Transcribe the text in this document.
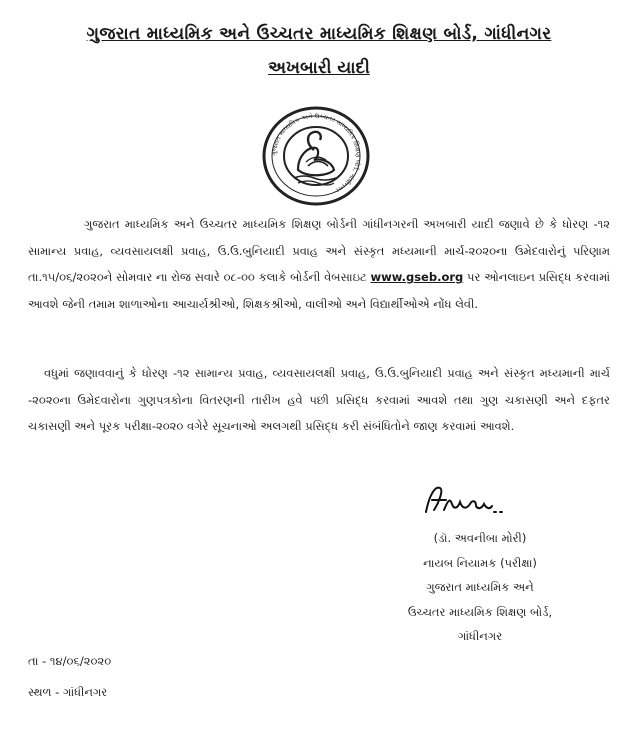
ગુજરાત માધ્યમિક અને ઉચ્ચતર માધ્યમિક શિક્ષણ બોર્ડ, ગાંધીનગર
અખબારી યાદી
ગુજરાત માધ્યમિક અને ઉચ્ચતર માધ્યમિક શિક્ષણ બોર્ડ, ગાંધીનગર
ગુજરાત માધ્યમિક અને ઉચ્ચતર માધ્યમિક શિક્ષણ બોર્ડની ગાંધીનગરની અખબારી યાદી જણાવે છે કે ધોરણ -૧૨ સામાન્ય પ્રવાહ, વ્યવસાયલક્ષી પ્રવાહ, ઉ.ઉ.બુનિયાદી પ્રવાહ અને સંસ્કૃત મધ્યમાની માર્ચ-૨૦૨૦ના ઉમેદવારોનું પરિણામ તા.૧૫/૦૬/૨૦૨૦ને સોમવાર ના રોજ સવારે ૦૮-૦૦ કલાકે બોર્ડની વેબસાઇટ www.gseb.org પર ઓનલાઇન પ્રસિદ્ધ કરવામાં આવશે જેની તમામ શાળાઓના આચાર્યશ્રીઓ, શિક્ષકશ્રીઓ, વાલીઓ અને વિદ્યાર્થીઓએ નોંધ લેવી.
વધુમાં જણાવવાનું કે ધોરણ -૧૨ સામાન્ય પ્રવાહ, વ્યવસાયલક્ષી પ્રવાહ, ઉ.ઉ.બુનિયાદી પ્રવાહ અને સંસ્કૃત મધ્યમાની માર્ચ -૨૦૨૦ના ઉમેદવારોના ગુણપત્રકોના વિતરણની તારીખ હવે પછી પ્રસિદ્ધ કરવામાં આવશે તથા ગુણ ચકાસણી અને દફતર ચકાસણી અને પૂરક પરીક્ષા-૨૦૨૦ વગેરે સૂચનાઓ અલગથી પ્રસિદ્ધ કરી સંબંધિતોને જાણ કરવામાં આવશે.
(ડૉ. અવનીબા મોરી)
નાયબ નિયામક (પરીક્ષા)
ગુજરાત માધ્યમિક અને
ઉચ્ચતર માધ્યમિક શિક્ષણ બોર્ડ,
ગાંધીનગર
તા - ૧૪/૦૬/૨૦૨૦
સ્થળ - ગાંધીનગર
